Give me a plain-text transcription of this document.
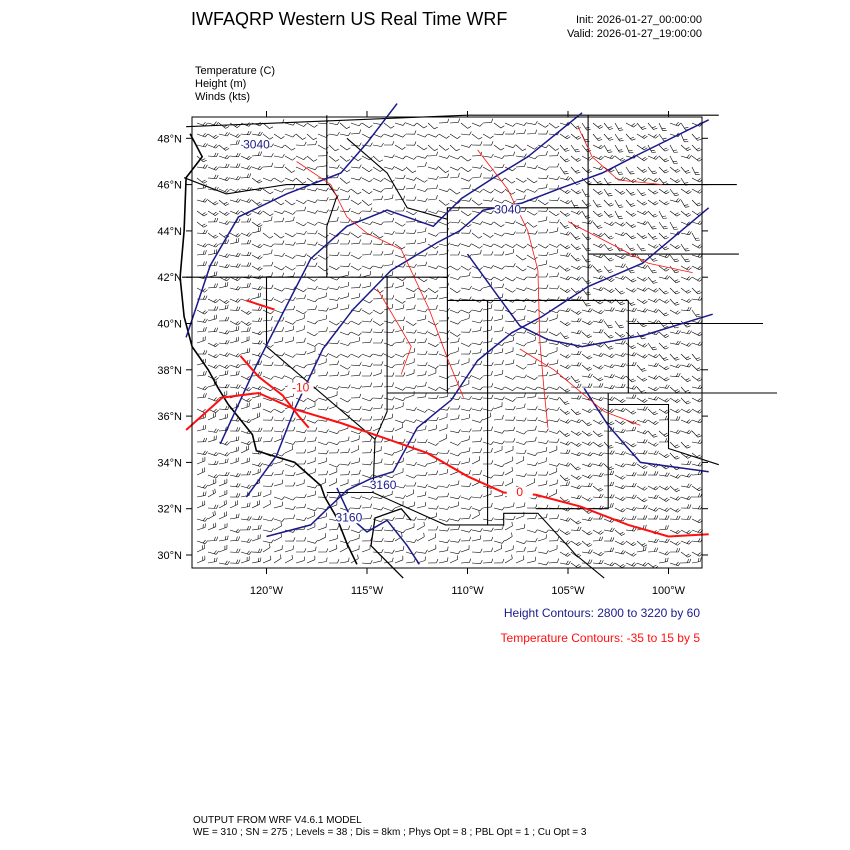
IWFAQRP Western US Real Time WRF	Init: 2026-01-27_00:00:00
Valid: 2026-01-27_19:00:00
Temperature (C)
Height (m)
Winds (kts)
3040
3040
3160
3160
-10
0
48°N
46°N
44°N
42°N
40°N
38°N
36°N
34°N
32°N
30°N
120°W	115°W	110°W	105°W	100°W
Height Contours: 2800 to 3220 by 60
Temperature Contours: -35 to 15 by 5
OUTPUT FROM WRF V4.6.1 MODEL
WE = 310 ; SN = 275 ; Levels = 38 ; Dis = 8km ; Phys Opt = 8 ; PBL Opt = 1 ; Cu Opt = 3
